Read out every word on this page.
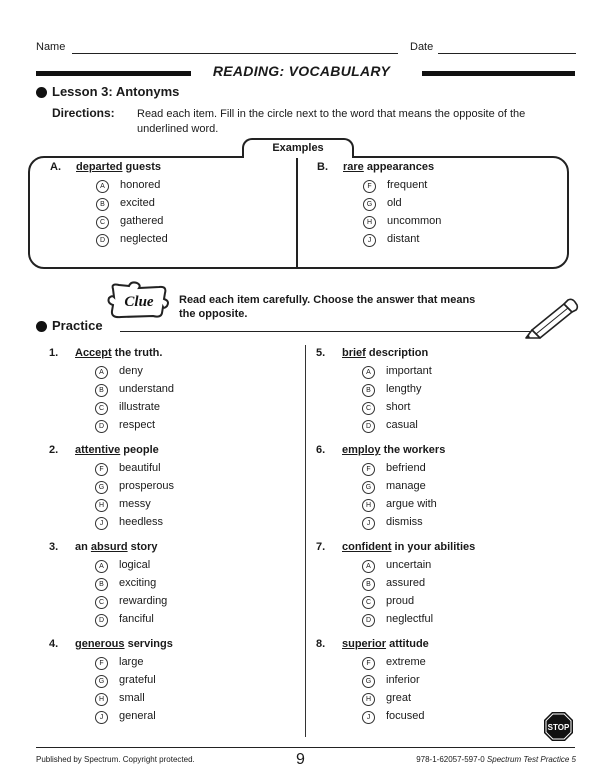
Name	Date
READING: VOCABULARY
Lesson 3: Antonyms
Directions: Read each item. Fill in the circle next to the word that means the opposite of the underlined word.
Examples
A. departed guests
A	honored
B	excited
C	gathered
D	neglected
B. rare appearances
F	frequent
G	old
H	uncommon
J	distant
Clue Read each item carefully. Choose the answer that means the opposite.
Practice
1. Accept the truth.
A	deny
B	understand
C	illustrate
D	respect
2. attentive people
F	beautiful
G	prosperous
H	messy
J	heedless
3. an absurd story
A	logical
B	exciting
C	rewarding
D	fanciful
4. generous servings
F	large
G	grateful
H	small
J	general
5. brief description
A	important
B	lengthy
C	short
D	casual
6. employ the workers
F	befriend
G	manage
H	argue with
J	dismiss
7. confident in your abilities
A	uncertain
B	assured
C	proud
D	neglectful
8. superior attitude
F	extreme
G	inferior
H	great
J	focused
STOP
Published by Spectrum. Copyright protected.	9	978-1-62057-597-0 Spectrum Test Practice 5
